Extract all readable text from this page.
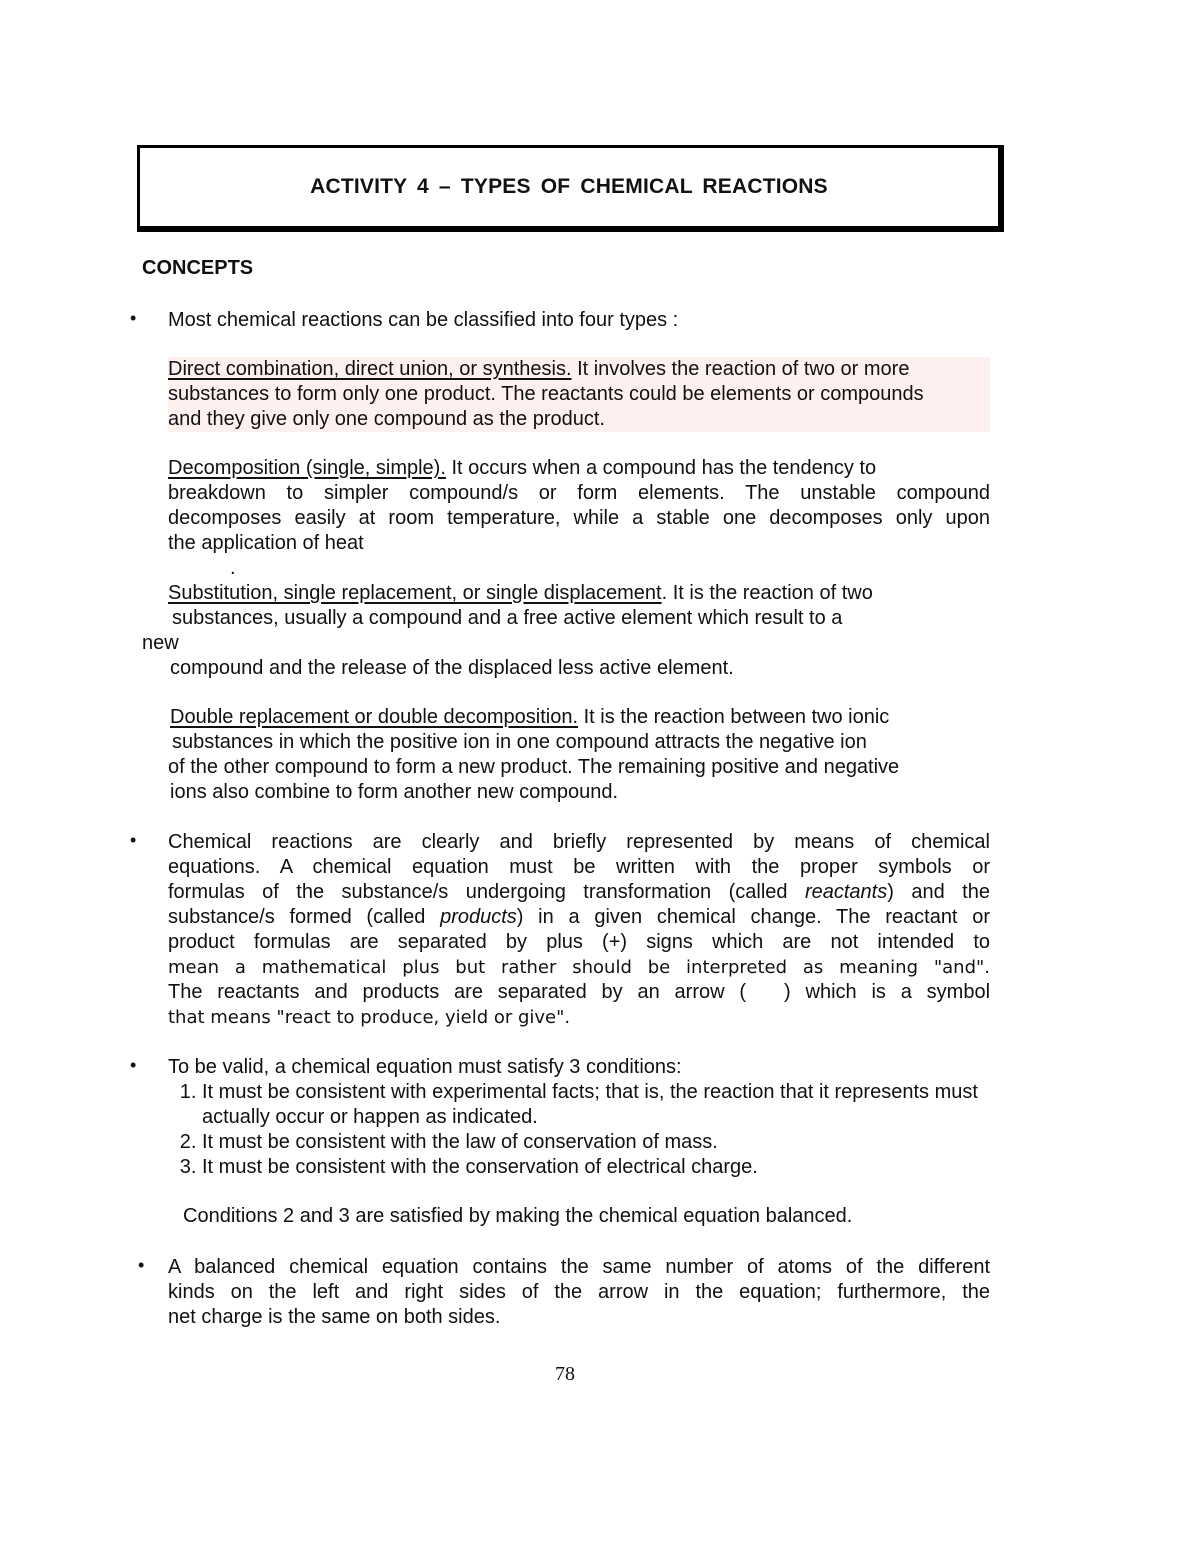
ACTIVITY 4 – TYPES OF CHEMICAL REACTIONS
CONCEPTS
• Most chemical reactions can be classified into four types :
Direct combination, direct union, or synthesis. It involves the reaction of two or more
substances to form only one product. The reactants could be elements or compounds
and they give only one compound as the product.

Decomposition (single, simple). It occurs when a compound has the tendency to

breakdown to simpler compound/s or form elements. The unstable compound

decomposes easily at room temperature, while a stable one decomposes only upon

the application of heat

.

Substitution, single replacement, or single displacement. It is the reaction of two
substances, usually a compound and a free active element which result to a
new
compound and the release of the displaced less active element.
Double replacement or double decomposition. It is the reaction between two ionic
substances in which the positive ion in one compound attracts the negative ion
of the other compound to form a new product. The remaining positive and negative
ions also combine to form another new compound.
• Chemical reactions are clearly and briefly represented by means of chemical

equations. A chemical equation must be written with the proper symbols or

formulas of the substance/s undergoing transformation (called reactants) and the

substance/s formed (called products) in a given chemical change. The reactant or

product formulas are separated by plus (+) signs which are not intended to

mean a mathematical plus but rather should be interpreted as meaning "and".

The reactants and products are separated by an arrow ( ) which is a symbol

that means "react to produce, yield or give".

• To be valid, a chemical equation must satisfy 3 conditions:
1. It must be consistent with experimental facts; that is, the reaction that it represents must actually occur or happen as indicated.
2. It must be consistent with the law of conservation of mass.
3. It must be consistent with the conservation of electrical charge.
Conditions 2 and 3 are satisfied by making the chemical equation balanced.
• A balanced chemical equation contains the same number of atoms of the different

kinds on the left and right sides of the arrow in the equation; furthermore, the

net charge is the same on both sides.

78
